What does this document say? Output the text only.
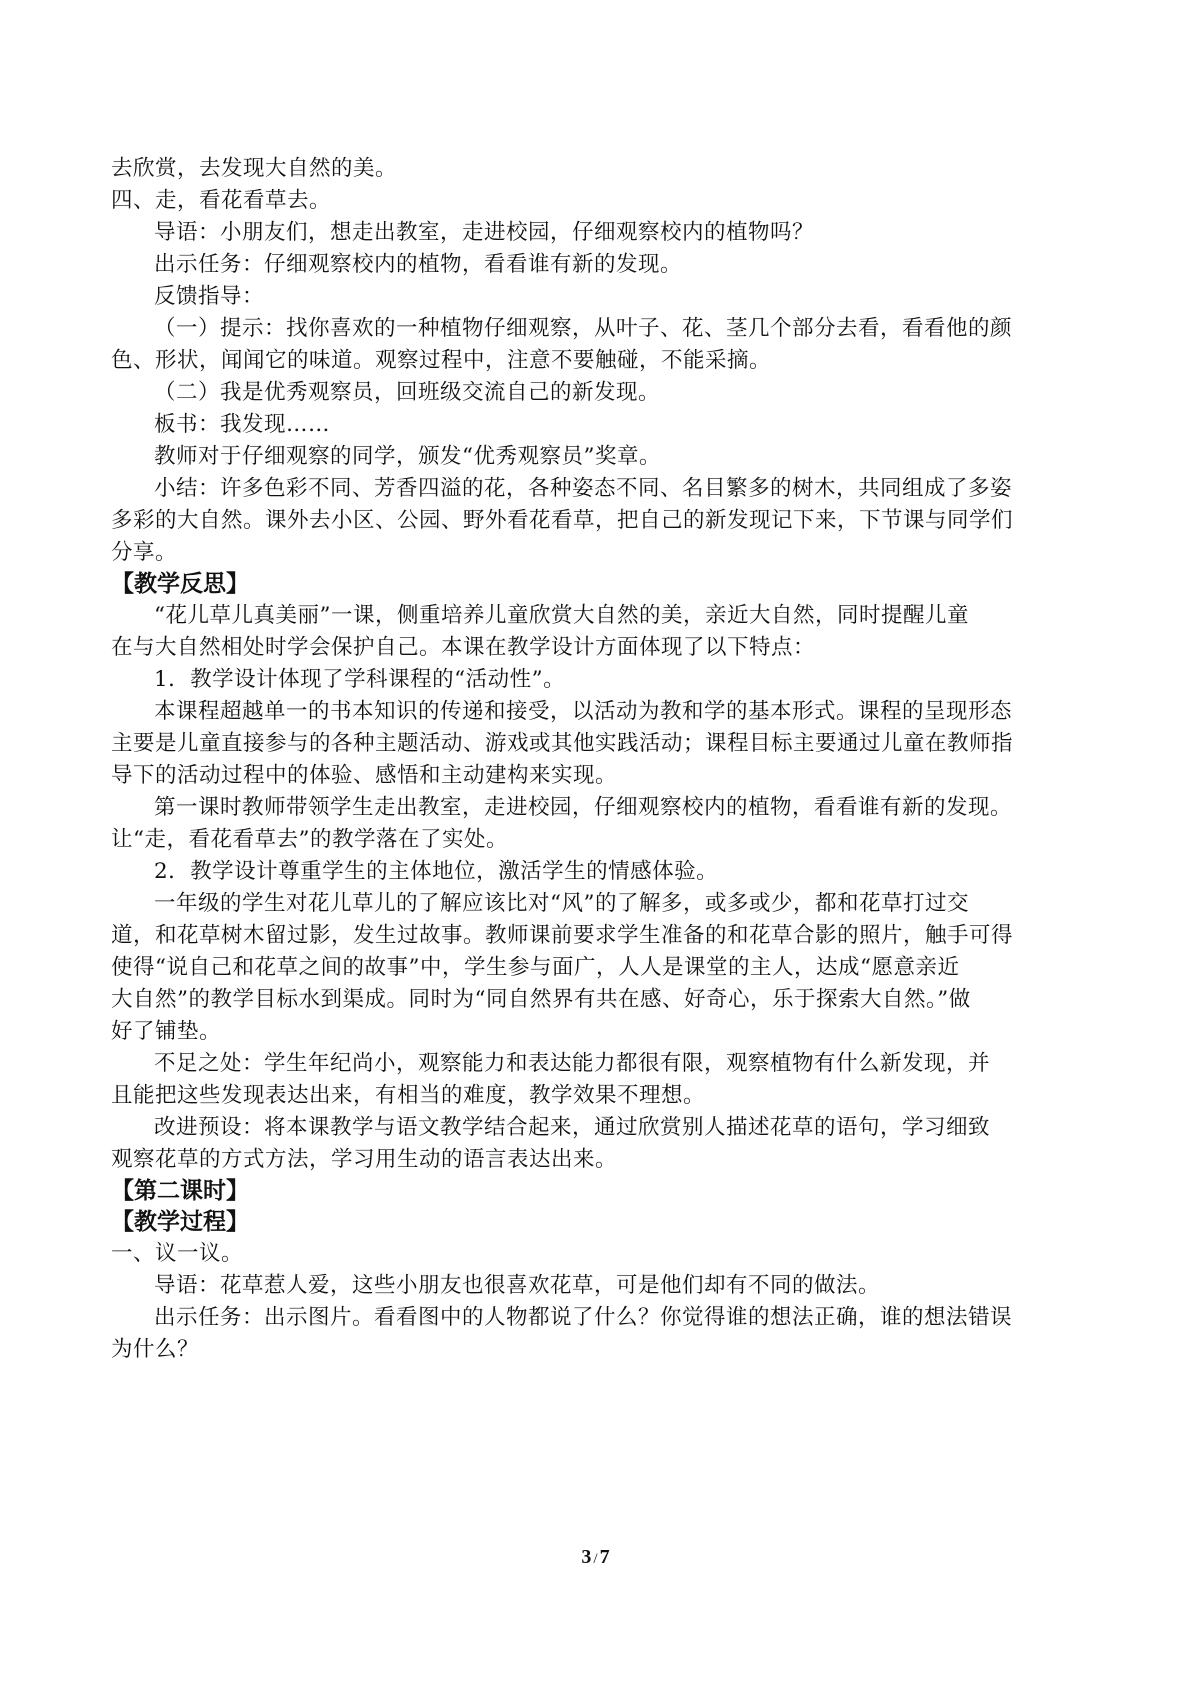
去欣赏，去发现大自然的美。
四、走，看花看草去。
导语：小朋友们，想走出教室，走进校园，仔细观察校内的植物吗？
出示任务：仔细观察校内的植物，看看谁有新的发现。
反馈指导：
（一）提示：找你喜欢的一种植物仔细观察，从叶子、花、茎几个部分去看，看看他的颜
色、形状，闻闻它的味道。观察过程中，注意不要触碰，不能采摘。
（二）我是优秀观察员，回班级交流自己的新发现。
板书：我发现……
教师对于仔细观察的同学，颁发“优秀观察员”奖章。
小结：许多色彩不同、芳香四溢的花，各种姿态不同、名目繁多的树木，共同组成了多姿
多彩的大自然。课外去小区、公园、野外看花看草，把自己的新发现记下来，下节课与同学们
分享。
【教学反思】
“花儿草儿真美丽”一课，侧重培养儿童欣赏大自然的美，亲近大自然，同时提醒儿童
在与大自然相处时学会保护自己。本课在教学设计方面体现了以下特点：
1．教学设计体现了学科课程的“活动性”。
本课程超越单一的书本知识的传递和接受，以活动为教和学的基本形式。课程的呈现形态
主要是儿童直接参与的各种主题活动、游戏或其他实践活动；课程目标主要通过儿童在教师指
导下的活动过程中的体验、感悟和主动建构来实现。
第一课时教师带领学生走出教室，走进校园，仔细观察校内的植物，看看谁有新的发现。
让“走，看花看草去”的教学落在了实处。
2．教学设计尊重学生的主体地位，激活学生的情感体验。
一年级的学生对花儿草儿的了解应该比对“风”的了解多，或多或少，都和花草打过交
道，和花草树木留过影，发生过故事。教师课前要求学生准备的和花草合影的照片，触手可得
使得“说自己和花草之间的故事”中，学生参与面广，人人是课堂的主人，达成“愿意亲近
大自然”的教学目标水到渠成。同时为“同自然界有共在感、好奇心，乐于探索大自然。”做
好了铺垫。
不足之处：学生年纪尚小，观察能力和表达能力都很有限，观察植物有什么新发现，并
且能把这些发现表达出来，有相当的难度，教学效果不理想。
改进预设：将本课教学与语文教学结合起来，通过欣赏别人描述花草的语句，学习细致
观察花草的方式方法，学习用生动的语言表达出来。
【第二课时】
【教学过程】
一、议一议。
导语：花草惹人爱，这些小朋友也很喜欢花草，可是他们却有不同的做法。
出示任务：出示图片。看看图中的人物都说了什么？你觉得谁的想法正确，谁的想法错误
为什么？
3 / 7
